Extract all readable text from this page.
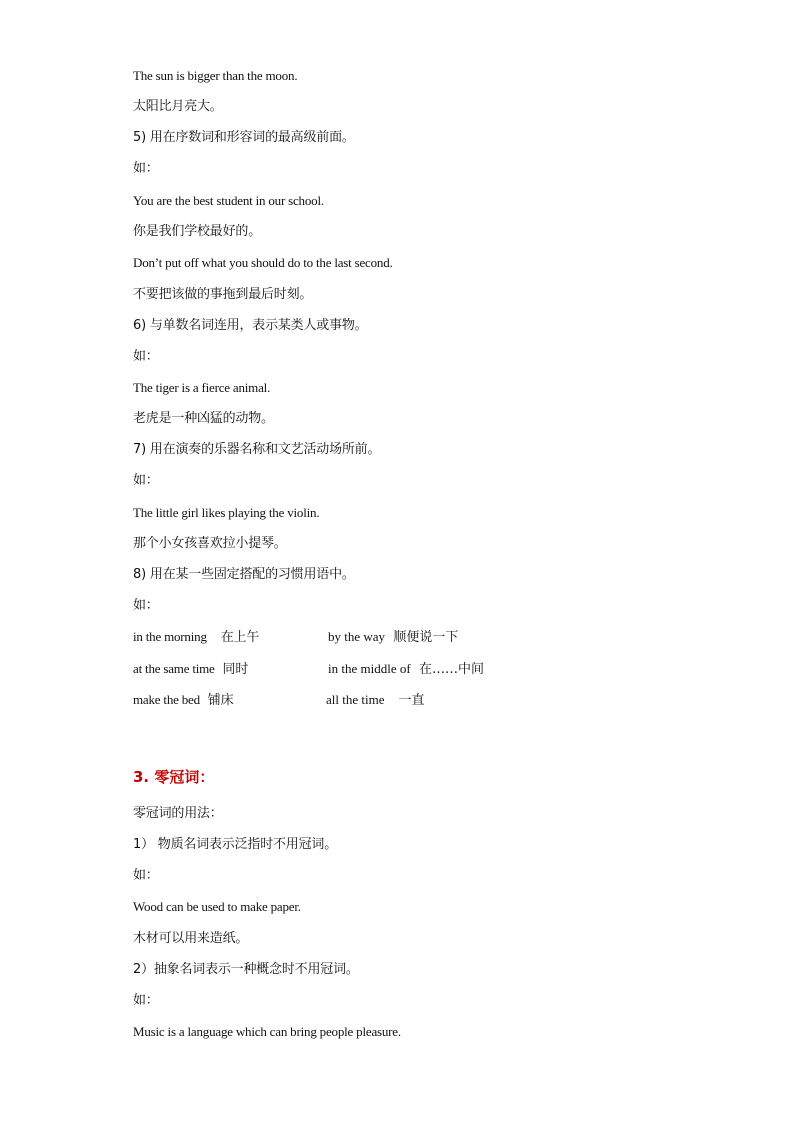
The sun is bigger than the moon.
太阳比月亮大。
5) 用在序数词和形容词的最高级前面。
如：
You are the best student in our school.
你是我们学校最好的。
Don’t put off what you should do to the last second.
不要把该做的事拖到最后时刻。
6) 与单数名词连用，表示某类人或事物。
如：
The tiger is a fierce animal.
老虎是一种凶猛的动物。
7) 用在演奏的乐器名称和文艺活动场所前。
如：
The little girl likes playing the violin.
那个小女孩喜欢拉小提琴。
8) 用在某一些固定搭配的习惯用语中。
如：
in the morning 在上午	by the way 顺便说一下
at the same time 同时	in the middle of 在……中间
make the bed 铺床	all the time 一直
3. 零冠词：
零冠词的用法：
1） 物质名词表示泛指时不用冠词。
如：
Wood can be used to make paper.
木材可以用来造纸。
2）抽象名词表示一种概念时不用冠词。
如：
Music is a language which can bring people pleasure.
